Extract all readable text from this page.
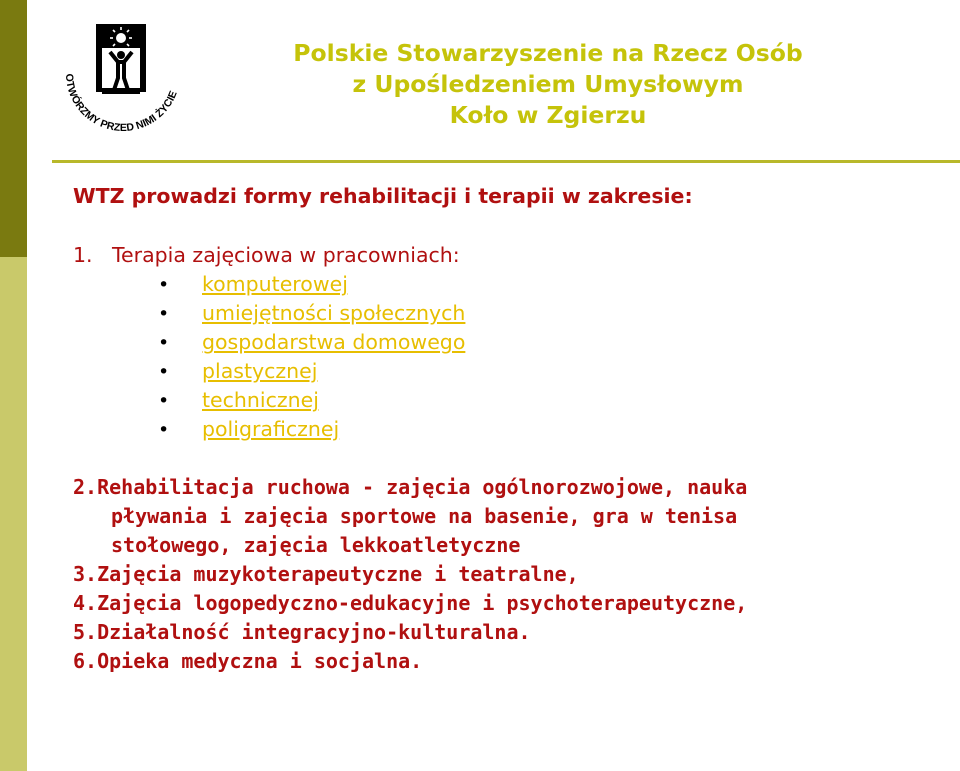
OTWÓRZMY PRZED NIMI ŻYCIE
Polskie Stowarzyszenie na Rzecz Osób
z Upośledzeniem Umysłowym
Koło w Zgierzu
WTZ prowadzi formy rehabilitacji i terapii w zakresie:
1. Terapia zajęciowa w pracowniach:
• komputerowej
• umiejętności społecznych
• gospodarstwa domowego
• plastycznej
• technicznej
• poligraficznej
2.Rehabilitacja ruchowa - zajęcia ogólnorozwojowe, nauka
pływania i zajęcia sportowe na basenie, gra w tenisa
stołowego, zajęcia lekkoatletyczne
3.Zajęcia muzykoterapeutyczne i teatralne,
4.Zajęcia logopedyczno-edukacyjne i psychoterapeutyczne,
5.Działalność integracyjno-kulturalna.
6.Opieka medyczna i socjalna.
